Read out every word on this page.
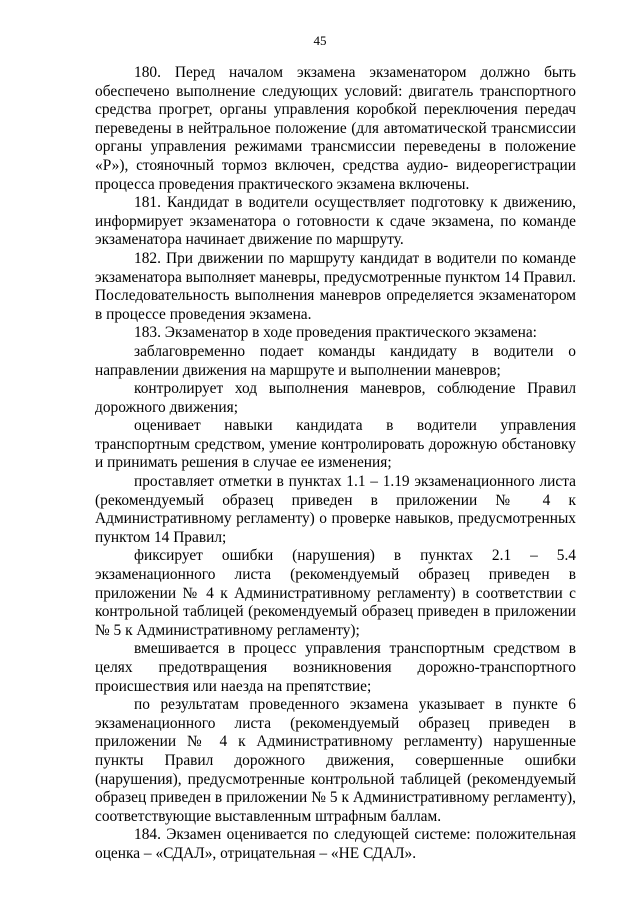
45

180. Перед началом экзамена экзаменатором должно быть обеспечено выполнение следующих условий: двигатель транспортного средства прогрет, органы управления коробкой переключения передач переведены в нейтральное положение (для автоматической трансмиссии органы управления режимами трансмиссии переведены в положение «Р»), стояночный тормоз включен, средства аудио- видеорегистрации процесса проведения практического экзамена включены.

181. Кандидат в водители осуществляет подготовку к движению, информирует экзаменатора о готовности к сдаче экзамена, по команде экзаменатора начинает движение по маршруту.

182. При движении по маршруту кандидат в водители по команде экзаменатора выполняет маневры, предусмотренные пунктом 14 Правил. Последовательность выполнения маневров определяется экзаменатором в процессе проведения экзамена.

183. Экзаменатор в ходе проведения практического экзамена:

заблаговременно подает команды кандидату в водители о направлении движения на маршруте и выполнении маневров;

контролирует ход выполнения маневров, соблюдение Правил дорожного движения;

оценивает навыки кандидата в водители управления транспортным средством, умение контролировать дорожную обстановку и принимать решения в случае ее изменения;

проставляет отметки в пунктах 1.1 – 1.19 экзаменационного листа (рекомендуемый образец приведен в приложении № 4 к Административному регламенту) о проверке навыков, предусмотренных пунктом 14 Правил;

фиксирует ошибки (нарушения) в пунктах 2.1 – 5.4 экзаменационного листа (рекомендуемый образец приведен в приложении № 4 к Административному регламенту) в соответствии с контрольной таблицей (рекомендуемый образец приведен в приложении № 5 к Административному регламенту);

вмешивается в процесс управления транспортным средством в целях предотвращения возникновения дорожно-транспортного происшествия или наезда на препятствие;

по результатам проведенного экзамена указывает в пункте 6 экзаменационного листа (рекомендуемый образец приведен в приложении № 4 к Административному регламенту) нарушенные пункты Правил дорожного движения, совершенные ошибки (нарушения), предусмотренные контрольной таблицей (рекомендуемый образец приведен в приложении № 5 к Административному регламенту), соответствующие выставленным штрафным баллам.

184. Экзамен оценивается по следующей системе: положительная оценка – «СДАЛ», отрицательная – «НЕ СДАЛ».
